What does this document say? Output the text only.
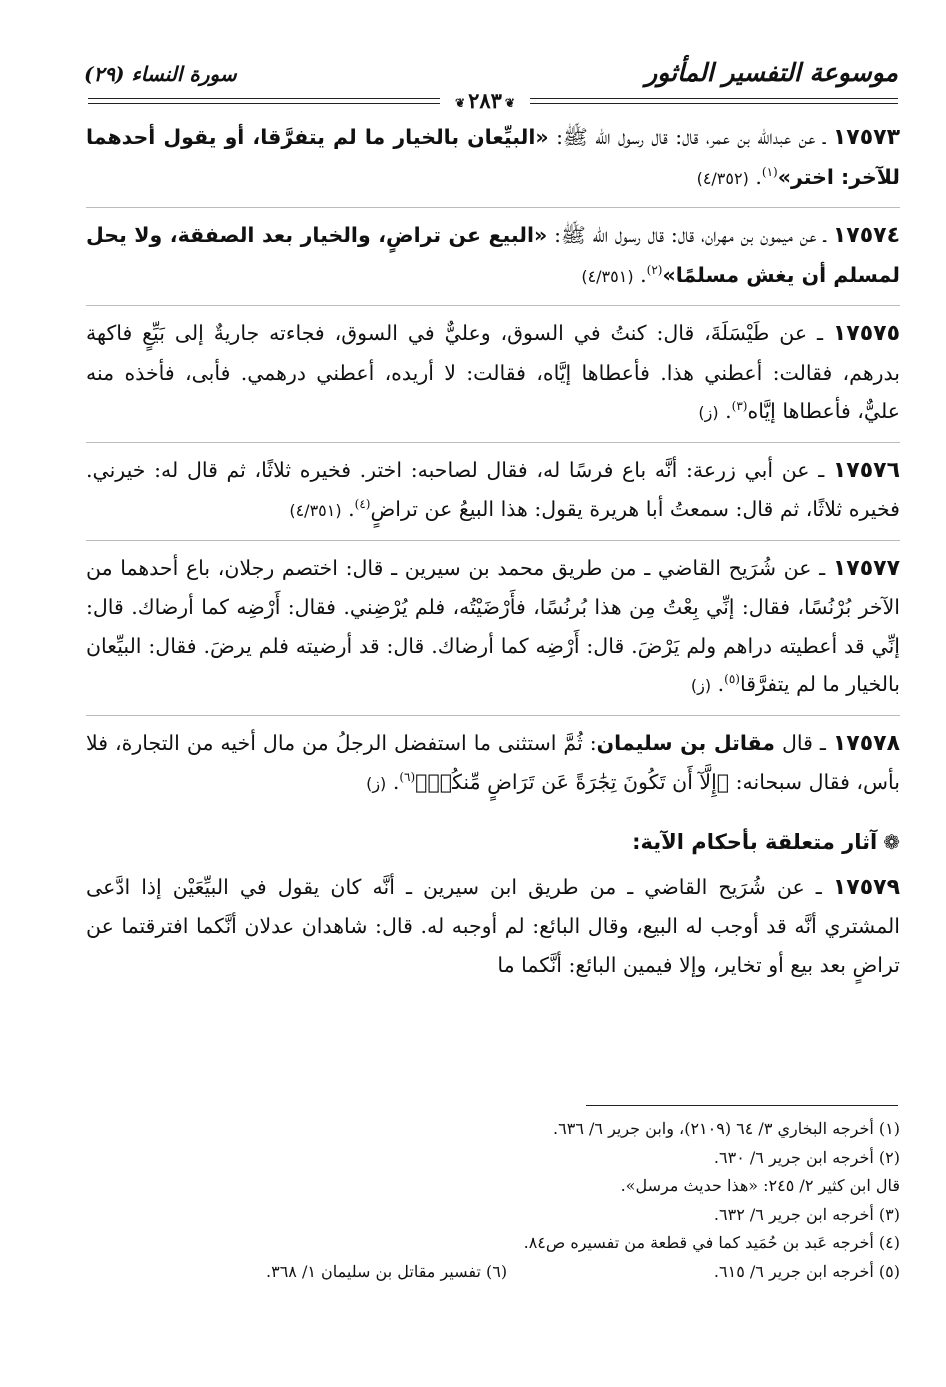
موسوعة التفسير المأثور
سورة النساء (٢٩)
❦٢٨٣❦

١٧٥٧٣ ـ عن عبدالله بن عمر، قال: قال رسول الله ﷺ: «البيِّعان بالخيار ما لم يتفرَّقا، أو يقول أحدهما للآخر: اختر»$^{(١)}$. (٤/٣٥٢)

١٧٥٧٤ ـ عن ميمون بن مهران، قال: قال رسول الله ﷺ: «البيع عن تراضٍ، والخيار بعد الصفقة، ولا يحل لمسلم أن يغش مسلمًا»$^{(٢)}$. (٤/٣٥١)

١٧٥٧٥ ـ عن طَيْسَلَةَ، قال: كنتُ في السوق، وعليٌّ في السوق، فجاءته جاريةٌ إلى بَيِّعٍ فاكهة بدرهم، فقالت: أعطني هذا. فأعطاها إيَّاه، فقالت: لا أريده، أعطني درهمي. فأبى، فأخذه منه عليٌّ، فأعطاها إيَّاه$^{(٣)}$. (ز)

١٧٥٧٦ ـ عن أبي زرعة: أنَّه باع فرسًا له، فقال لصاحبه: اختر. فخيره ثلاثًا، ثم قال له: خيرني. فخيره ثلاثًا، ثم قال: سمعتُ أبا هريرة يقول: هذا البيعُ عن تراضٍ$^{(٤)}$. (٤/٣٥١)

١٧٥٧٧ ـ عن شُرَيح القاضي ـ من طريق محمد بن سيرين ـ قال: اختصم رجلان، باع أحدهما من الآخر بُرْنُسًا، فقال: إنِّي بِعْتُ مِن هذا بُرنُسًا، فأَرْضَيْتُه، فلم يُرْضِني. فقال: أَرْضِه كما أرضاك. قال: إنِّي قد أعطيته دراهم ولم يَرْضَ. قال: أَرْضِه كما أرضاك. قال: قد أرضيته فلم يرضَ. فقال: البيِّعان بالخيار ما لم يتفرَّقا$^{(٥)}$. (ز)

١٧٥٧٨ ـ قال مقاتل بن سليمان: ثُمَّ استثنى ما استفضل الرجلُ من مال أخيه من التجارة، فلا بأس، فقال سبحانه: ﴿إِلَّآ أَن تَكُونَ تِجَٰرَةً عَن تَرَاضٍ مِّنكُمۡ﴾$^{(٦)}$. (ز)

❁آثار متعلقة بأحكام الآية:

١٧٥٧٩ ـ عن شُرَيح القاضي ـ من طريق ابن سيرين ـ أنَّه كان يقول في البيِّعَيْن إذا ادَّعى المشتري أنَّه قد أوجب له البيع، وقال البائع: لم أوجبه له. قال: شاهدان عدلان أنَّكما افترقتما عن تراضٍ بعد بيع أو تخاير، وإلا فيمين البائع: أنَّكما ما

(١) أخرجه البخاري ٣/ ٦٤ (٢١٠٩)، وابن جرير ٦/ ٦٣٦.
(٢) أخرجه ابن جرير ٦/ ٦٣٠.
قال ابن كثير ٢/ ٢٤٥: «هذا حديث مرسل».
(٣) أخرجه ابن جرير ٦/ ٦٣٢.
(٤) أخرجه عَبد بن حُمَيد كما في قطعة من تفسيره ص٨٤.
(٥) أخرجه ابن جرير ٦/ ٦١٥.
(٦) تفسير مقاتل بن سليمان ١/ ٣٦٨.
